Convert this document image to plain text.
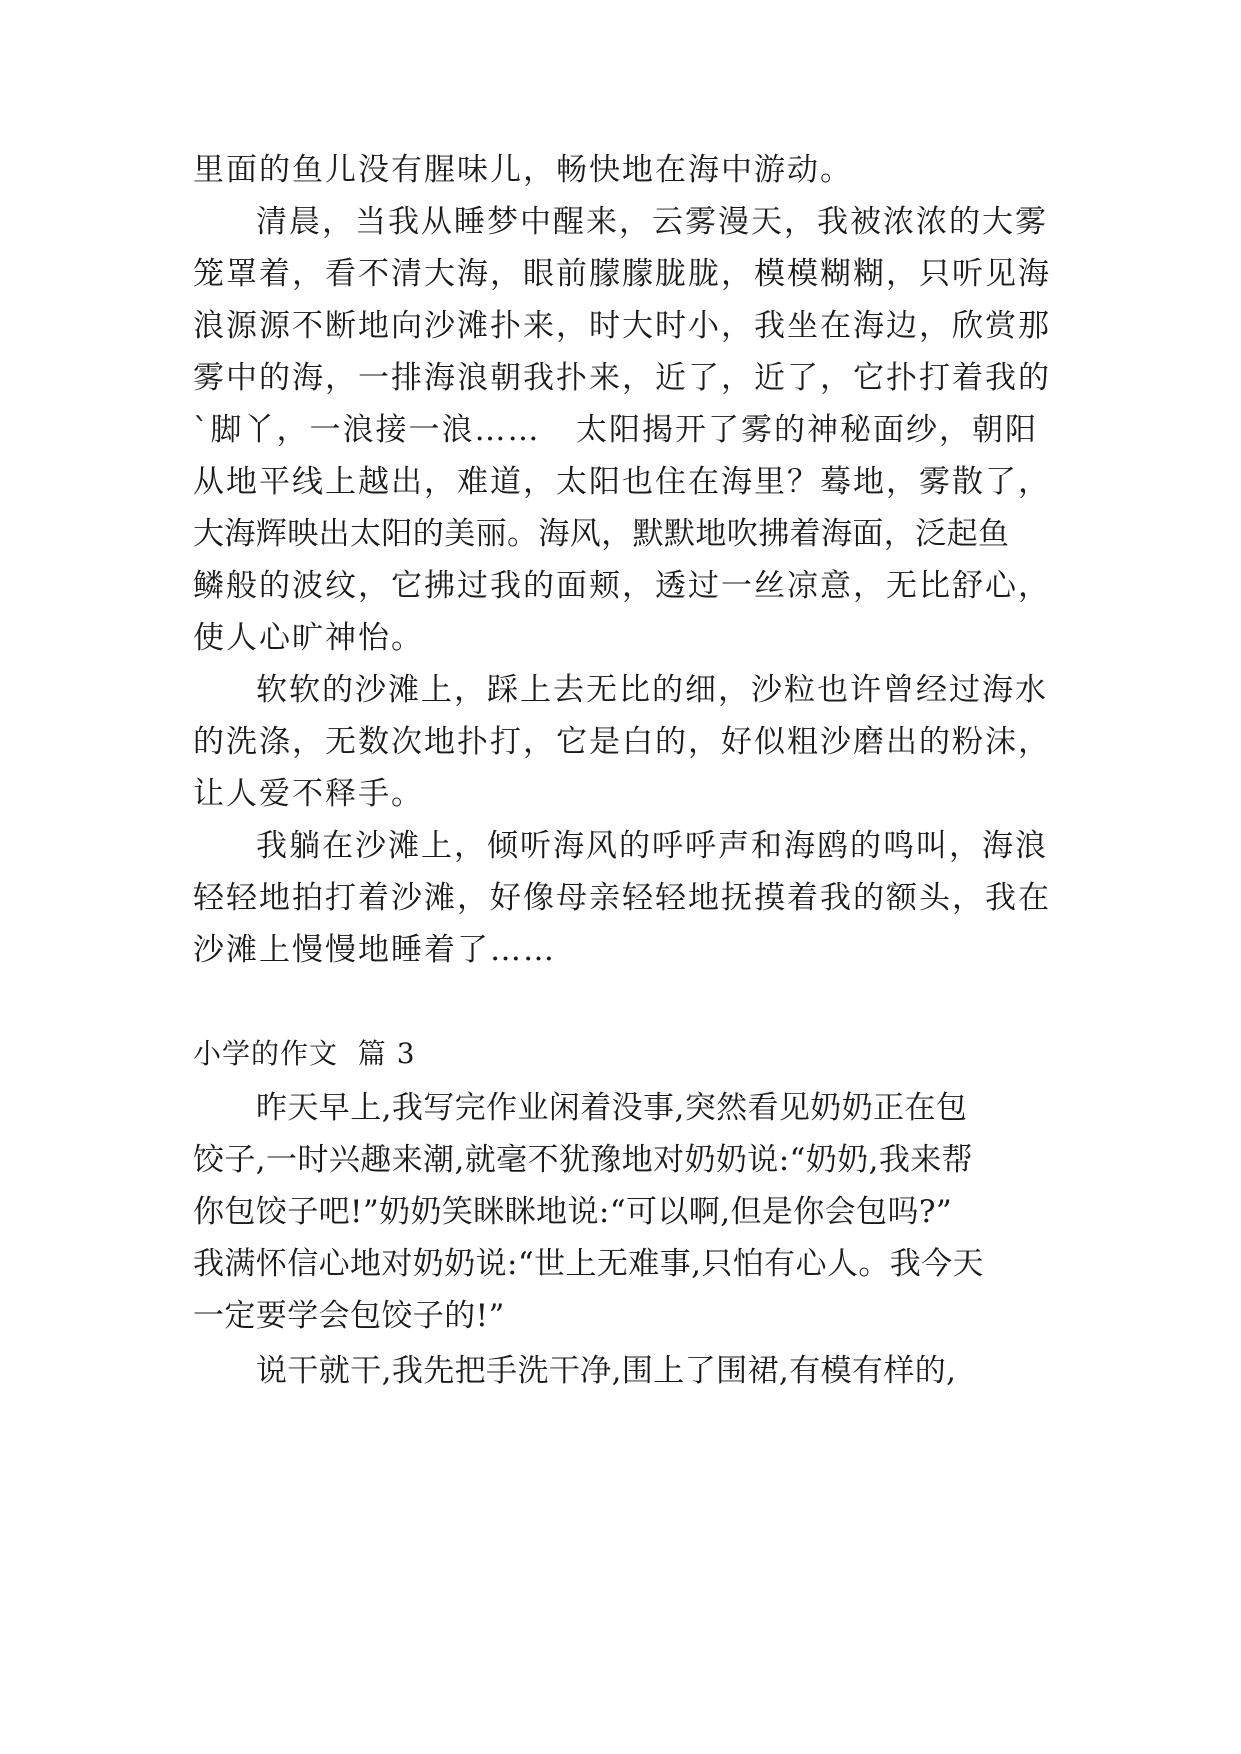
里面的鱼儿没有腥味儿，畅快地在海中游动。
清晨，当我从睡梦中醒来，云雾漫天，我被浓浓的大雾
笼罩着，看不清大海，眼前朦朦胧胧，模模糊糊，只听见海
浪源源不断地向沙滩扑来，时大时小，我坐在海边，欣赏那
雾中的海，一排海浪朝我扑来，近了，近了，它扑打着我的
`脚丫，一浪接一浪……   太阳揭开了雾的神秘面纱，朝阳
从地平线上越出，难道，太阳也住在海里？蓦地，雾散了，
大海辉映出太阳的美丽。海风，默默地吹拂着海面，泛起鱼
鳞般的波纹，它拂过我的面颊，透过一丝凉意，无比舒心，
使人心旷神怡。
软软的沙滩上，踩上去无比的细，沙粒也许曾经过海水
的洗涤，无数次地扑打，它是白的，好似粗沙磨出的粉沫，
让人爱不释手。
我躺在沙滩上，倾听海风的呼呼声和海鸥的鸣叫，海浪
轻轻地拍打着沙滩，好像母亲轻轻地抚摸着我的额头，我在
沙滩上慢慢地睡着了……
小学的作文  篇 3
昨天早上,我写完作业闲着没事,突然看见奶奶正在包
饺子,一时兴趣来潮,就毫不犹豫地对奶奶说:“奶奶,我来帮
你包饺子吧!”奶奶笑眯眯地说:“可以啊,但是你会包吗?”
我满怀信心地对奶奶说:“世上无难事,只怕有心人。我今天
一定要学会包饺子的!”
说干就干,我先把手洗干净,围上了围裙,有模有样的,
